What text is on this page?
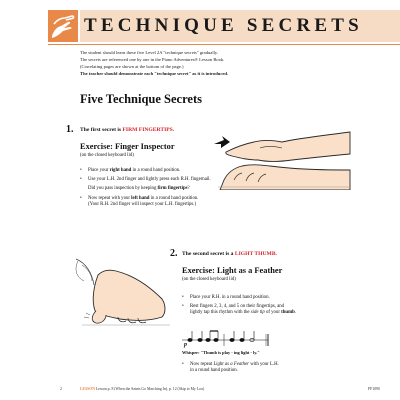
TECHNIQUE SECRETS

The student should learn these five Level 2A "technique secrets" gradually.

The secrets are referenced one by one in the Piano Adventures® Lesson Book.

(Correlating pages are shown at the bottom of the page.)

The teacher should demonstrate each "technique secret" as it is introduced.

Five Technique Secrets
1. The first secret is FIRM FINGERTIPS.
Exercise: Finger Inspector
(on the closed keyboard lid)
• Place your right hand in a round hand position.
• Use your L.H. 2nd finger and lightly press each R.H. fingernail.
Did you pass inspection by keeping firm fingertips?
• Now repeat with your left hand in a round hand position.
(Your R.H. 2nd finger will inspect your L.H. fingertips.)
2. The second secret is a LIGHT THUMB.
Exercise: Light as a Feather
(on the closed keyboard lid)
• Place your R.H. in a round hand position.
• Rest fingers 2, 3, 4, and 5 on their fingertips, and
lightly tap this rhythm with the side tip of your thumb.
p
Whisper: "Thumb is play - ing light - ly."
• Now repeat Light as a Feather with your L.H.
in a round hand position.
2	LESSON Lesson p. 8 (When the Saints Go Marching In), p. 12 (Skip to My Lou)	FF1090
